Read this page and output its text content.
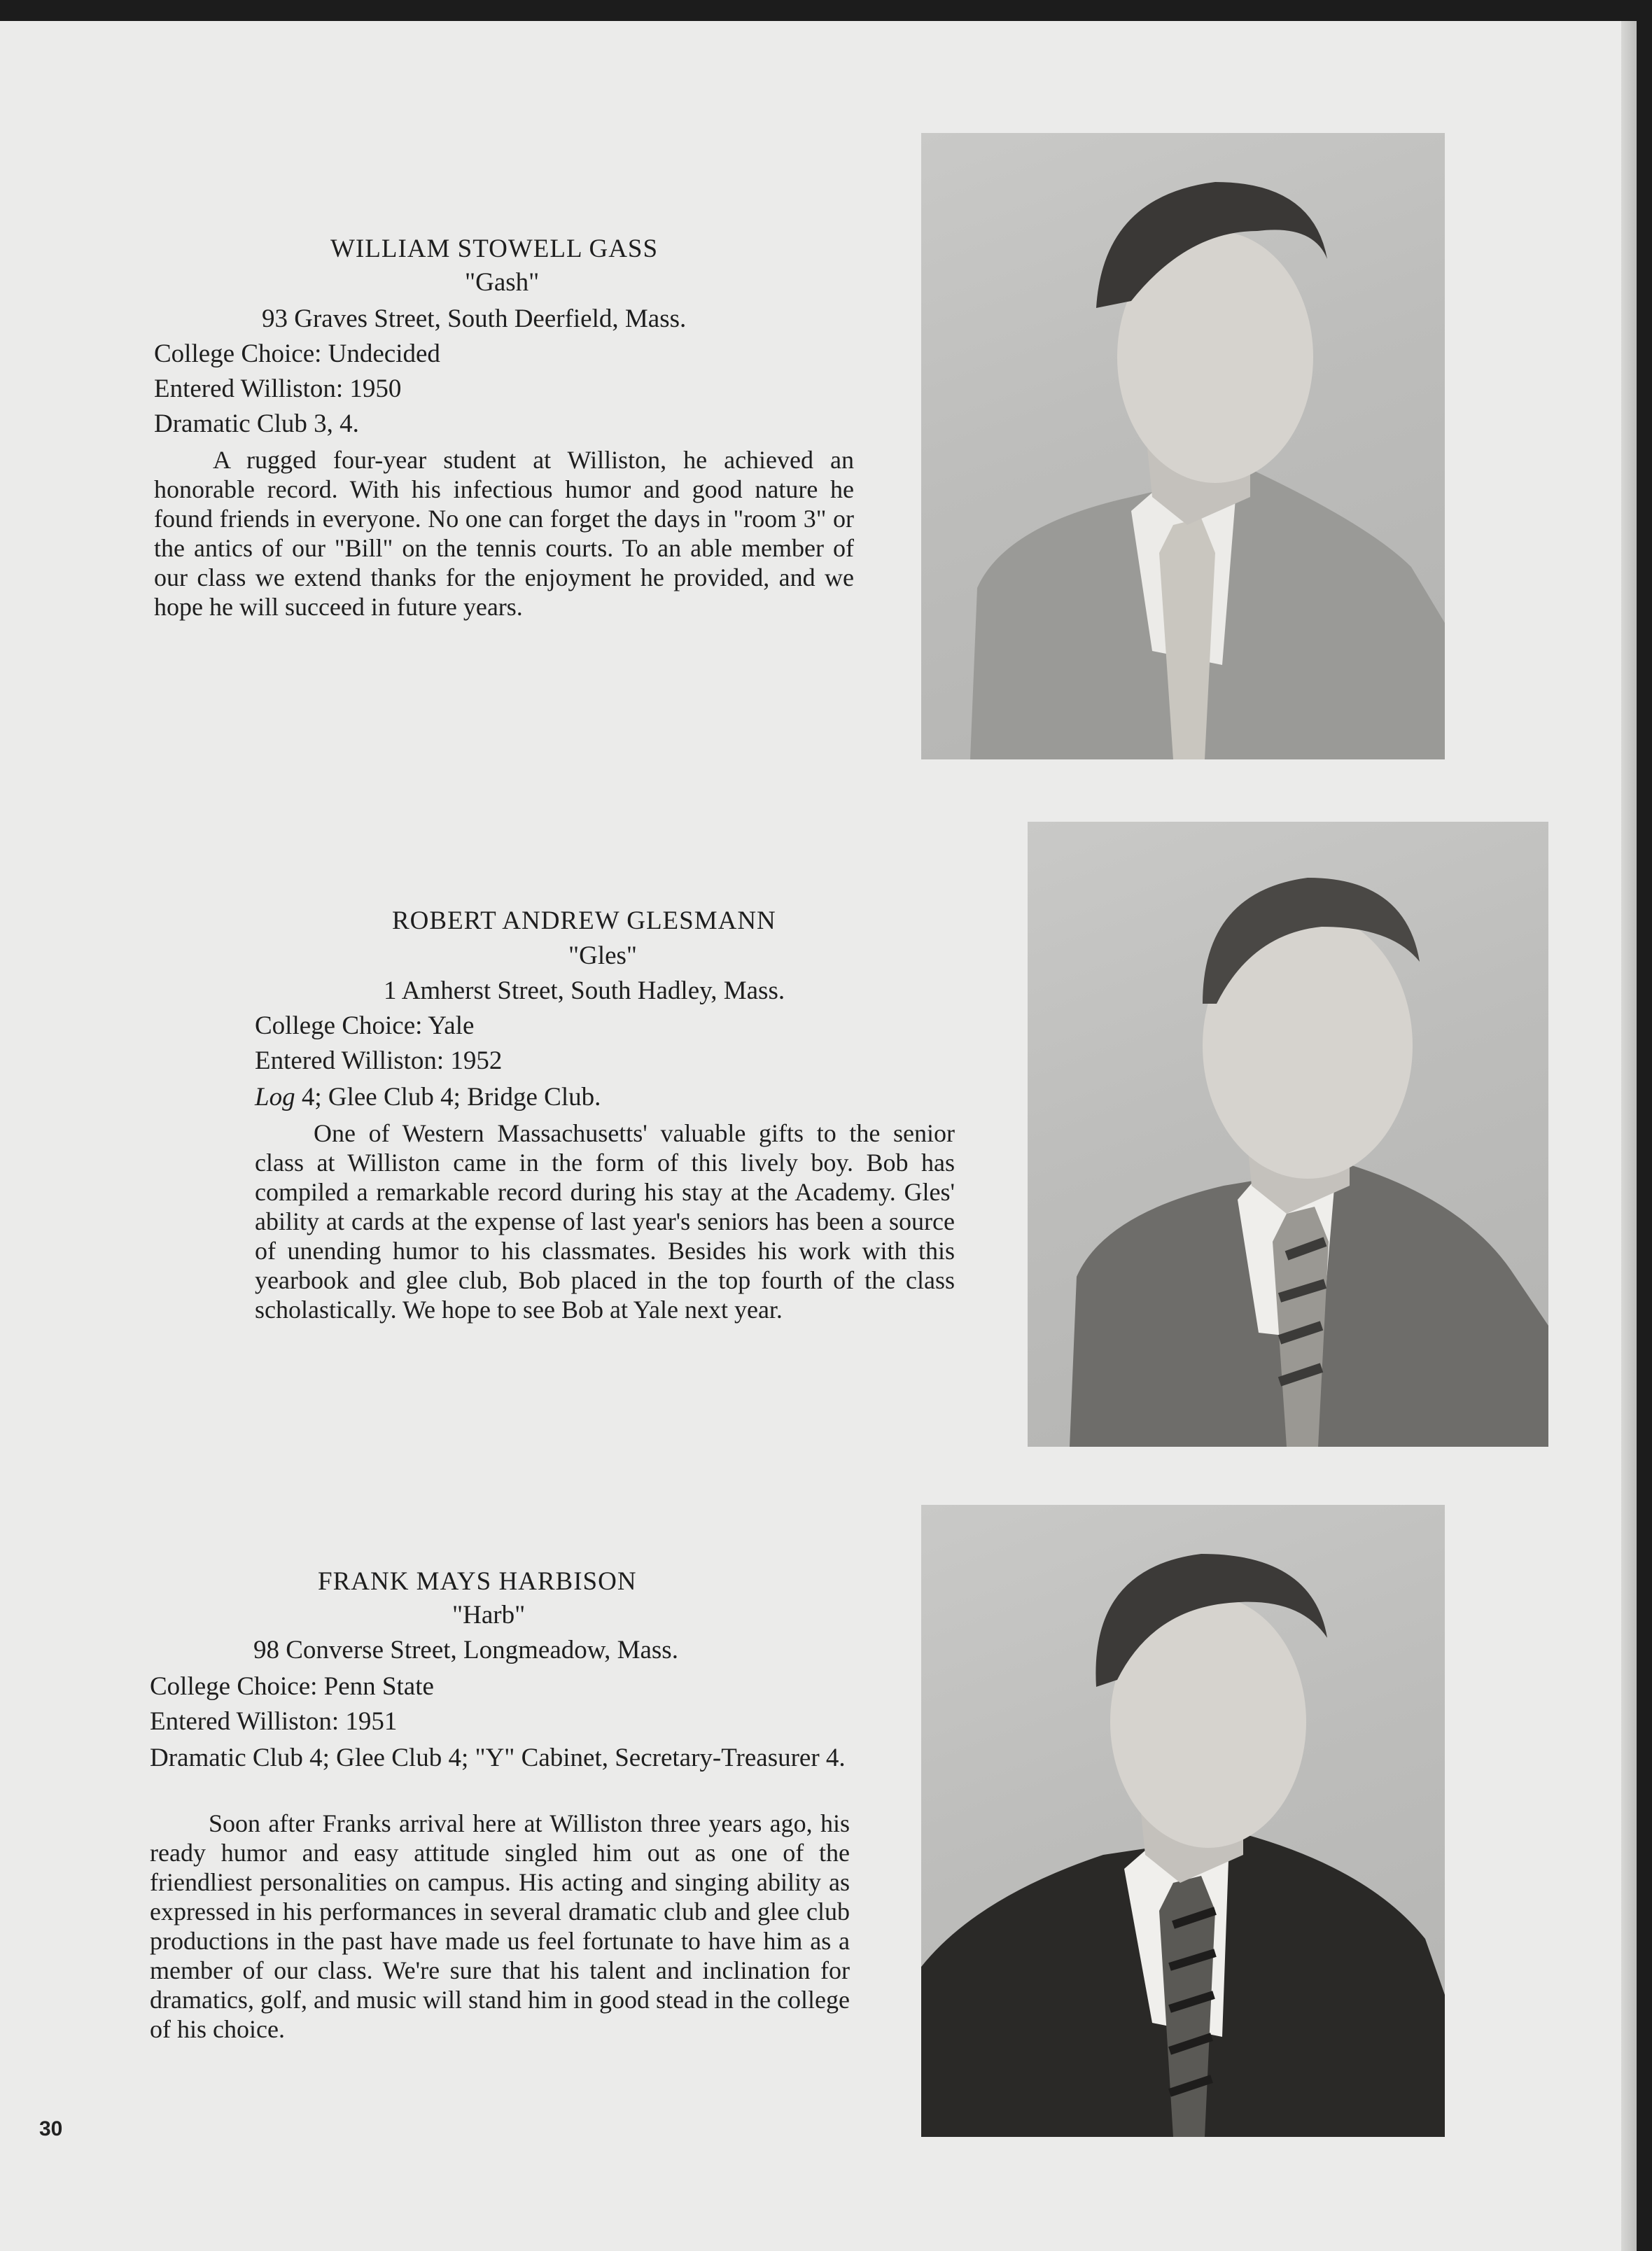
WILLIAM STOWELL GASS
"Gash"
93 Graves Street, South Deerfield, Mass.
College Choice: Undecided
Entered Williston: 1950
Dramatic Club 3, 4.

A rugged four-year student at Williston, he achieved an honorable record. With his infectious humor and good nature he found friends in everyone. No one can forget the days in "room 3" or the antics of our "Bill" on the tennis courts. To an able member of our class we extend thanks for the enjoyment he provided, and we hope he will succeed in future years.

ROBERT ANDREW GLESMANN
"Gles"
1 Amherst Street, South Hadley, Mass.
College Choice: Yale
Entered Williston: 1952
Log 4; Glee Club 4; Bridge Club.

One of Western Massachusetts' valuable gifts to the senior class at Williston came in the form of this lively boy. Bob has compiled a remarkable record during his stay at the Academy. Gles' ability at cards at the expense of last year's seniors has been a source of unending humor to his classmates. Besides his work with this yearbook and glee club, Bob placed in the top fourth of the class scholastically. We hope to see Bob at Yale next year.

FRANK MAYS HARBISON
"Harb"
98 Converse Street, Longmeadow, Mass.
College Choice: Penn State
Entered Williston: 1951
Dramatic Club 4; Glee Club 4; "Y" Cabinet, Secretary-Treasurer 4.

Soon after Franks arrival here at Williston three years ago, his ready humor and easy attitude singled him out as one of the friendliest personalities on campus. His acting and singing ability as expressed in his performances in several dramatic club and glee club productions in the past have made us feel fortunate to have him as a member of our class. We're sure that his talent and inclination for dramatics, golf, and music will stand him in good stead in the college of his choice.

30
